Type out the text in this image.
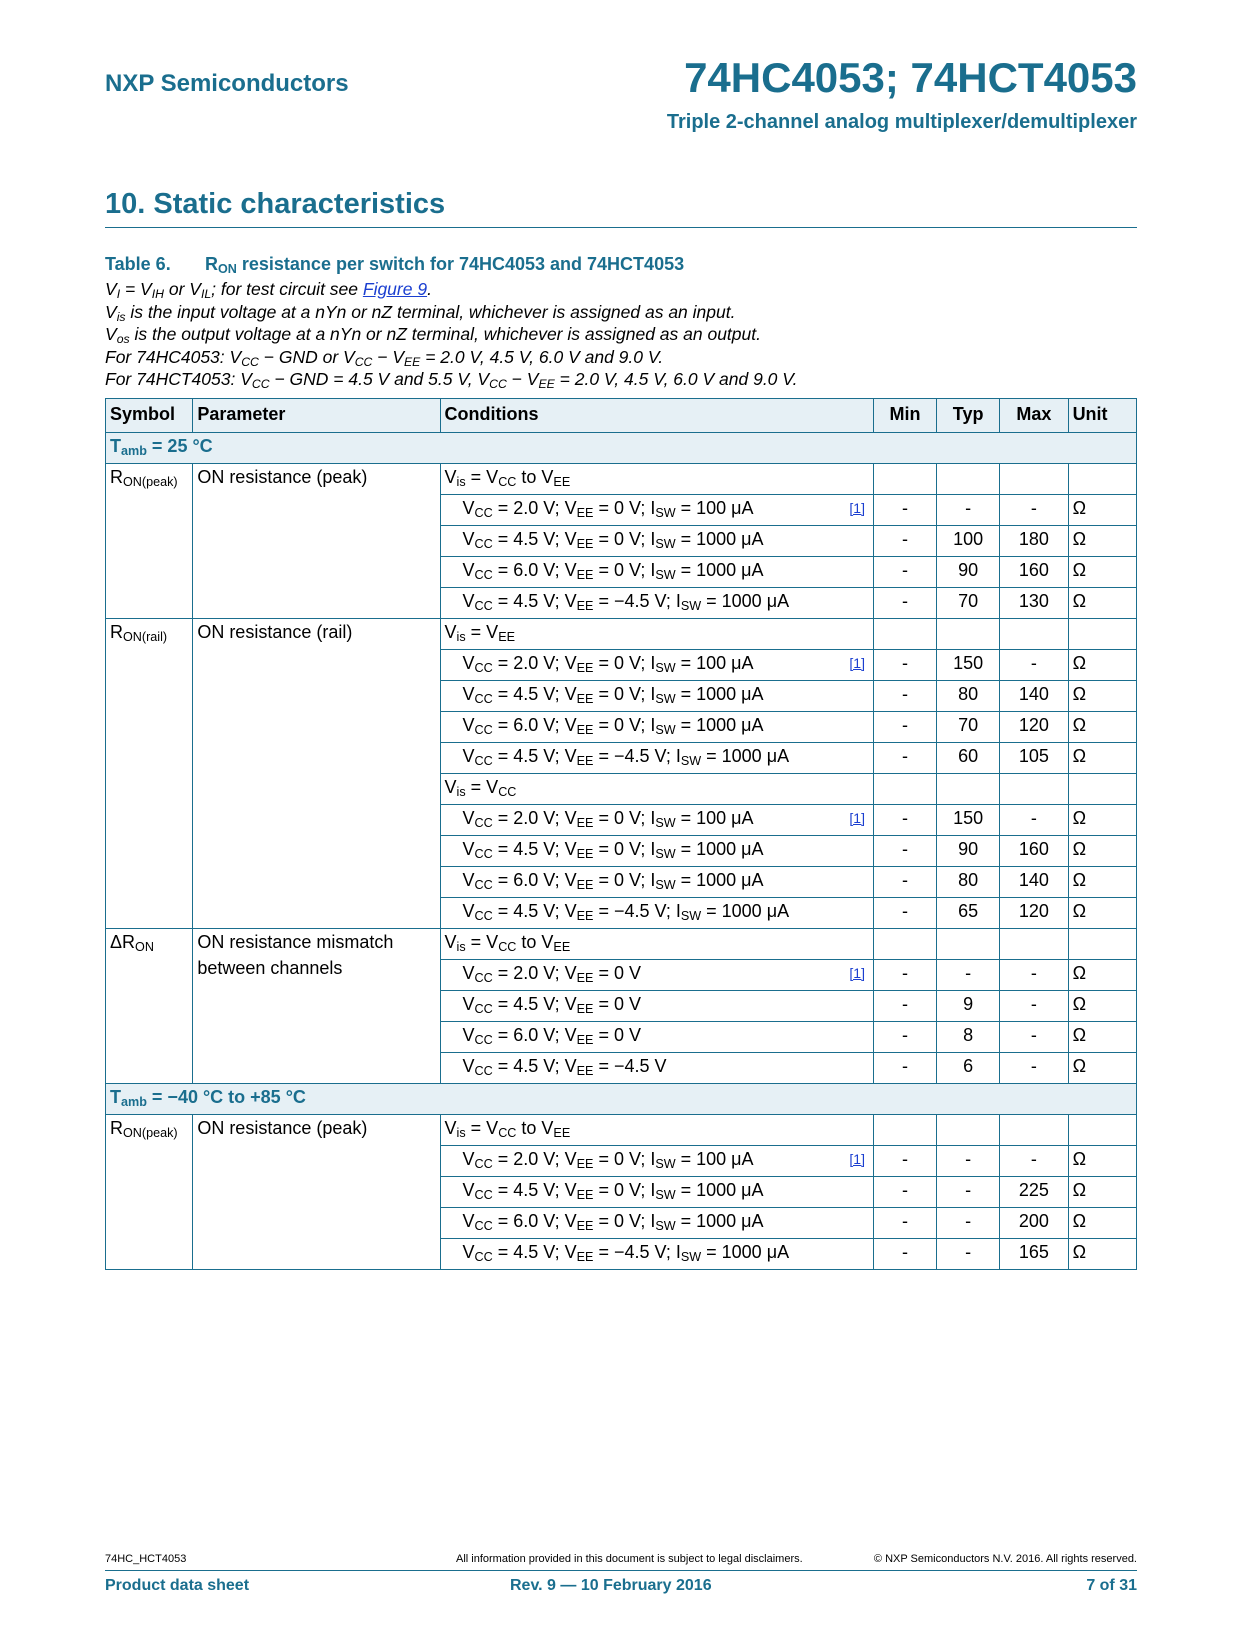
NXP Semiconductors	74HC4053; 74HCT4053
Triple 2-channel analog multiplexer/demultiplexer
10. Static characteristics
Table 6. $R_{ON}$ resistance per switch for 74HC4053 and 74HCT4053
$V_I = V_{IH}$ or $V_{IL}$; for test circuit see Figure 9.
$V_{is}$ is the input voltage at a nYn or nZ terminal, whichever is assigned as an input.
$V_{os}$ is the output voltage at a nYn or nZ terminal, whichever is assigned as an output.
For 74HC4053: $V_{CC}$ − GND or $V_{CC} - V_{EE} = 2.0$ V, 4.5 V, 6.0 V and 9.0 V.
For 74HCT4053: $V_{CC}$ − GND = 4.5 V and 5.5 V, $V_{CC} - V_{EE} = 2.0$ V, 4.5 V, 6.0 V and 9.0 V.
Symbol	Parameter	Conditions	Min	Typ	Max	Unit
$T_{amb} = 25$ °C						
$R_{ON(peak)}$	ON resistance (peak)	$V_{is} = V_{CC}$ to $V_{EE}$				
		$V_{CC} = 2.0$ V; $V_{EE} = 0$ V; $I_{SW} = 100$ μA [1]	-	-	-	Ω
		$V_{CC} = 4.5$ V; $V_{EE} = 0$ V; $I_{SW} = 1000$ μA	-	100	180	Ω
		$V_{CC} = 6.0$ V; $V_{EE} = 0$ V; $I_{SW} = 1000$ μA	-	90	160	Ω
		$V_{CC} = 4.5$ V; $V_{EE} = -4.5$ V; $I_{SW} = 1000$ μA	-	70	130	Ω
$R_{ON(rail)}$	ON resistance (rail)	$V_{is} = V_{EE}$				
		$V_{CC} = 2.0$ V; $V_{EE} = 0$ V; $I_{SW} = 100$ μA [1]	-	150	-	Ω
		$V_{CC} = 4.5$ V; $V_{EE} = 0$ V; $I_{SW} = 1000$ μA	-	80	140	Ω
		$V_{CC} = 6.0$ V; $V_{EE} = 0$ V; $I_{SW} = 1000$ μA	-	70	120	Ω
		$V_{CC} = 4.5$ V; $V_{EE} = -4.5$ V; $I_{SW} = 1000$ μA	-	60	105	Ω
		$V_{is} = V_{CC}$				
		$V_{CC} = 2.0$ V; $V_{EE} = 0$ V; $I_{SW} = 100$ μA [1]	-	150	-	Ω
		$V_{CC} = 4.5$ V; $V_{EE} = 0$ V; $I_{SW} = 1000$ μA	-	90	160	Ω
		$V_{CC} = 6.0$ V; $V_{EE} = 0$ V; $I_{SW} = 1000$ μA	-	80	140	Ω
		$V_{CC} = 4.5$ V; $V_{EE} = -4.5$ V; $I_{SW} = 1000$ μA	-	65	120	Ω
$\Delta R_{ON}$	ON resistance mismatch between channels	$V_{is} = V_{CC}$ to $V_{EE}$				
		$V_{CC} = 2.0$ V; $V_{EE} = 0$ V [1]	-	-	-	Ω
		$V_{CC} = 4.5$ V; $V_{EE} = 0$ V	-	9	-	Ω
		$V_{CC} = 6.0$ V; $V_{EE} = 0$ V	-	8	-	Ω
		$V_{CC} = 4.5$ V; $V_{EE} = -4.5$ V	-	6	-	Ω
$T_{amb} = -40$ °C to +85 °C						
$R_{ON(peak)}$	ON resistance (peak)	$V_{is} = V_{CC}$ to $V_{EE}$				
		$V_{CC} = 2.0$ V; $V_{EE} = 0$ V; $I_{SW} = 100$ μA [1]	-	-	-	Ω
		$V_{CC} = 4.5$ V; $V_{EE} = 0$ V; $I_{SW} = 1000$ μA	-	-	225	Ω
		$V_{CC} = 6.0$ V; $V_{EE} = 0$ V; $I_{SW} = 1000$ μA	-	-	200	Ω
		$V_{CC} = 4.5$ V; $V_{EE} = -4.5$ V; $I_{SW} = 1000$ μA	-	-	165	Ω
74HC_HCT4053	All information provided in this document is subject to legal disclaimers.	© NXP Semiconductors N.V. 2016. All rights reserved.
Product data sheet	Rev. 9 — 10 February 2016	7 of 31
